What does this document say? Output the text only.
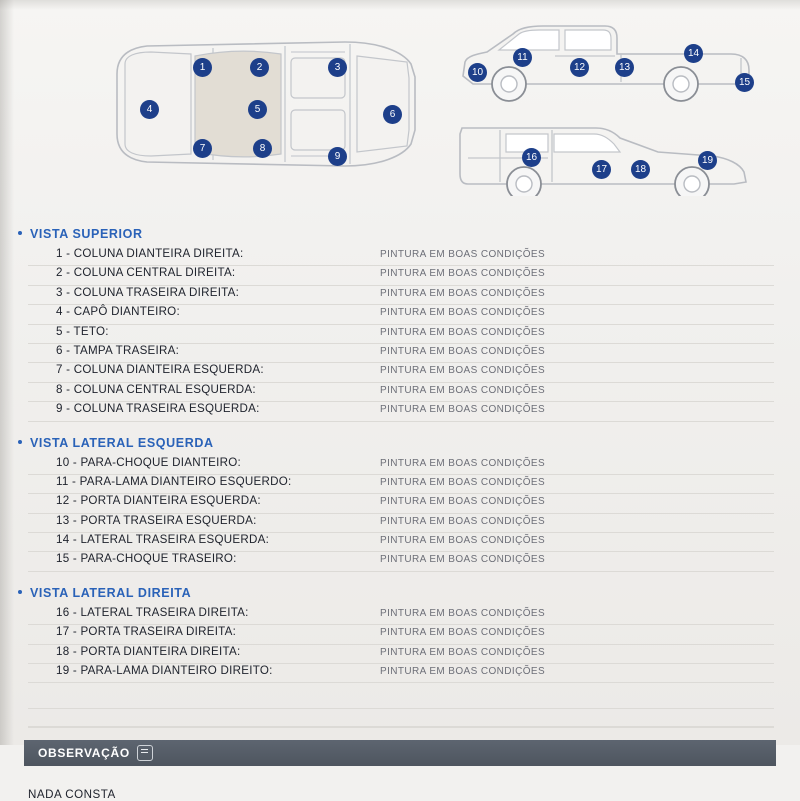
1	2	3
4	5	6
7	8
9
10
11
12	13
14
15
16
17	18
19
VISTA SUPERIOR
1 - COLUNA DIANTEIRA DIREITA:	PINTURA EM BOAS CONDIÇÕES
2 - COLUNA CENTRAL DIREITA:	PINTURA EM BOAS CONDIÇÕES
3 - COLUNA TRASEIRA DIREITA:	PINTURA EM BOAS CONDIÇÕES
4 - CAPÔ DIANTEIRO:	PINTURA EM BOAS CONDIÇÕES
5 - TETO:	PINTURA EM BOAS CONDIÇÕES
6 - TAMPA TRASEIRA:	PINTURA EM BOAS CONDIÇÕES
7 - COLUNA DIANTEIRA ESQUERDA:	PINTURA EM BOAS CONDIÇÕES
8 - COLUNA CENTRAL ESQUERDA:	PINTURA EM BOAS CONDIÇÕES
9 - COLUNA TRASEIRA ESQUERDA:	PINTURA EM BOAS CONDIÇÕES
VISTA LATERAL ESQUERDA
10 - PARA-CHOQUE DIANTEIRO:	PINTURA EM BOAS CONDIÇÕES
11 - PARA-LAMA DIANTEIRO ESQUERDO:	PINTURA EM BOAS CONDIÇÕES
12 - PORTA DIANTEIRA ESQUERDA:	PINTURA EM BOAS CONDIÇÕES
13 - PORTA TRASEIRA ESQUERDA:	PINTURA EM BOAS CONDIÇÕES
14 - LATERAL TRASEIRA ESQUERDA:	PINTURA EM BOAS CONDIÇÕES
15 - PARA-CHOQUE TRASEIRO:	PINTURA EM BOAS CONDIÇÕES
VISTA LATERAL DIREITA
16 - LATERAL TRASEIRA DIREITA:	PINTURA EM BOAS CONDIÇÕES
17 - PORTA TRASEIRA DIREITA:	PINTURA EM BOAS CONDIÇÕES
18 - PORTA DIANTEIRA DIREITA:	PINTURA EM BOAS CONDIÇÕES
19 - PARA-LAMA DIANTEIRO DIREITO:	PINTURA EM BOAS CONDIÇÕES
OBSERVAÇÃO
NADA CONSTA
